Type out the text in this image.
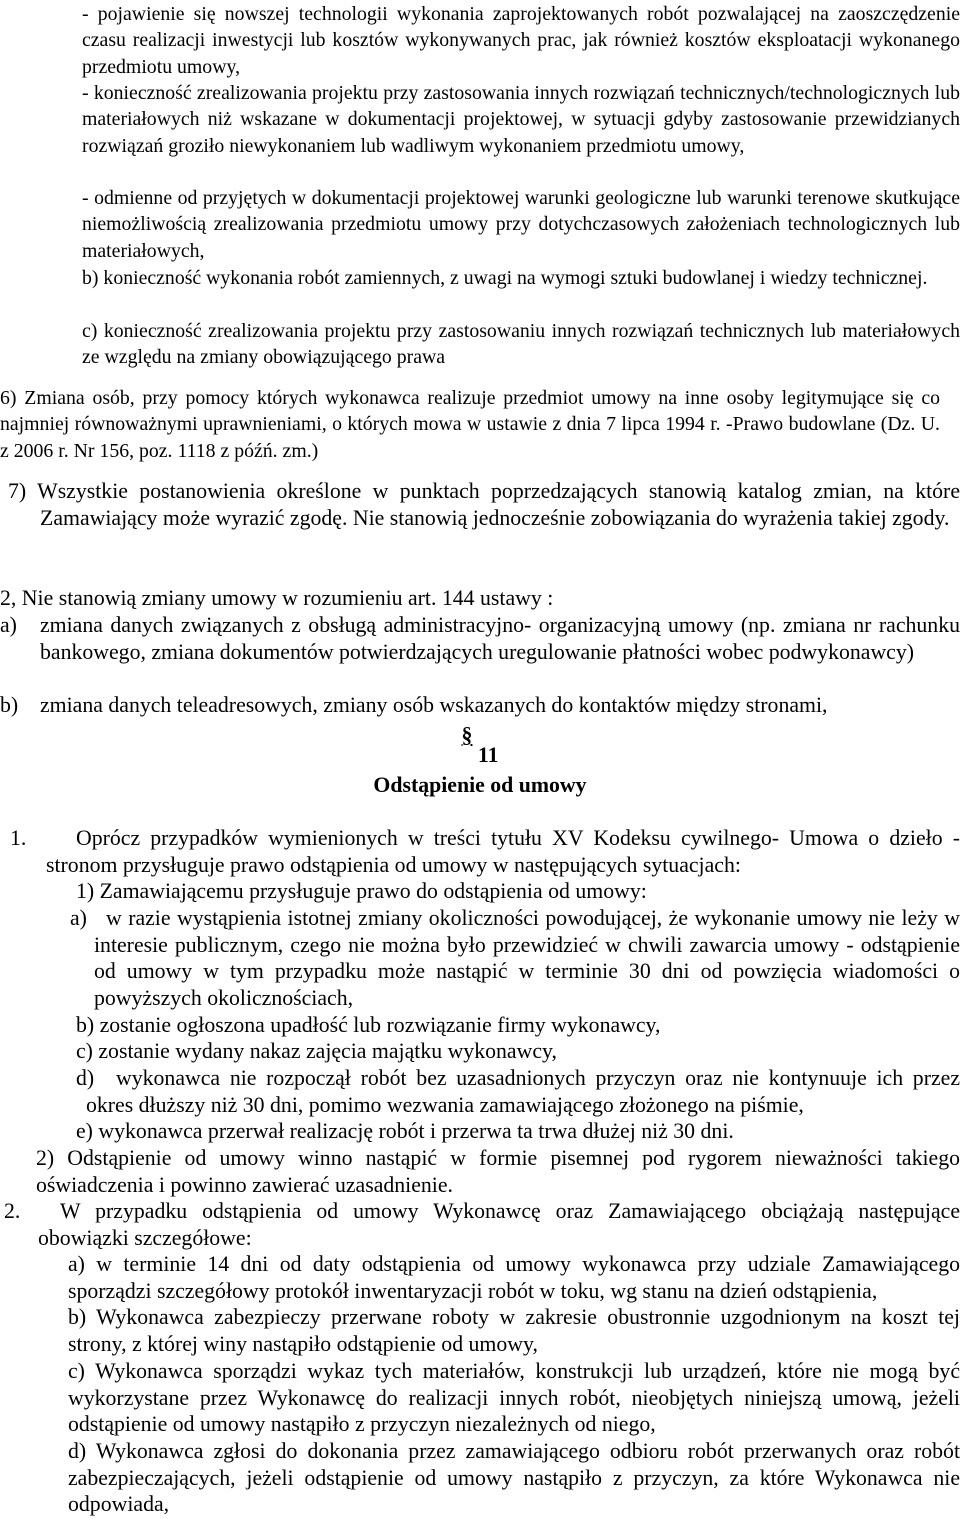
- pojawienie się nowszej technologii wykonania zaprojektowanych robót pozwalającej na zaoszczędzenie czasu realizacji inwestycji lub kosztów wykonywanych prac, jak również kosztów eksploatacji wykonanego przedmiotu umowy,

- konieczność zrealizowania projektu przy zastosowania innych rozwiązań technicznych/technologicznych lub materiałowych niż wskazane w dokumentacji projektowej, w sytuacji gdyby zastosowanie przewidzianych rozwiązań groziło niewykonaniem lub wadliwym wykonaniem przedmiotu umowy,

- odmienne od przyjętych w dokumentacji projektowej warunki geologiczne lub warunki terenowe skutkujące niemożliwością zrealizowania przedmiotu umowy przy dotychczasowych założeniach technologicznych lub materiałowych,

b) konieczność wykonania robót zamiennych, z uwagi na wymogi sztuki budowlanej i wiedzy technicznej.

c) konieczność zrealizowania projektu przy zastosowaniu innych rozwiązań technicznych lub materiałowych ze względu na zmiany obowiązującego prawa

6) Zmiana osób, przy pomocy których wykonawca realizuje przedmiot umowy na inne osoby legitymujące się co najmniej równoważnymi uprawnieniami, o których mowa w ustawie z dnia 7 lipca 1994 r. -Prawo budowlane (Dz. U. z 2006 r. Nr 156, poz. 1118 z późń. zm.)

7) Wszystkie postanowienia określone w punktach poprzedzających stanowią katalog zmian, na które Zamawiający może wyrazić zgodę. Nie stanowią jednocześnie zobowiązania do wyrażenia takiej zgody.

2, Nie stanowią zmiany umowy w rozumieniu art. 144 ustawy :

a) zmiana danych związanych z obsługą administracyjno- organizacyjną umowy (np. zmiana nr rachunku bankowego, zmiana dokumentów potwierdzających uregulowanie płatności wobec podwykonawcy)

b) zmiana danych teleadresowych, zmiany osób wskazanych do kontaktów między stronami,

§ 11
Odstąpienie od umowy
1.	Oprócz przypadków wymienionych w treści tytułu XV Kodeksu cywilnego- Umowa o dzieło - stronom przysługuje prawo odstąpienia od umowy w następujących sytuacjach:

1) Zamawiającemu przysługuje prawo do odstąpienia od umowy:

a) w razie wystąpienia istotnej zmiany okoliczności powodującej, że wykonanie umowy nie leży w interesie publicznym, czego nie można było przewidzieć w chwili zawarcia umowy - odstąpienie od umowy w tym przypadku może nastąpić w terminie 30 dni od powzięcia wiadomości o powyższych okolicznościach,

b) zostanie ogłoszona upadłość lub rozwiązanie firmy wykonawcy,

c) zostanie wydany nakaz zajęcia majątku wykonawcy,

d)	wykonawca nie rozpoczął robót bez uzasadnionych przyczyn oraz nie kontynuuje ich przez okres dłuższy niż 30 dni, pomimo wezwania zamawiającego złożonego na piśmie,

e) wykonawca przerwał realizację robót i przerwa ta trwa dłużej niż 30 dni.

2) Odstąpienie od umowy winno nastąpić w formie pisemnej pod rygorem nieważności takiego oświadczenia i powinno zawierać uzasadnienie.

2.	W przypadku odstąpienia od umowy Wykonawcę oraz Zamawiającego obciążają następujące obowiązki szczegółowe:

a) w terminie 14 dni od daty odstąpienia od umowy wykonawca przy udziale Zamawiającego sporządzi szczegółowy protokół inwentaryzacji robót w toku, wg stanu na dzień odstąpienia,

b) Wykonawca zabezpieczy przerwane roboty w zakresie obustronnie uzgodnionym na koszt tej strony, z której winy nastąpiło odstąpienie od umowy,

c) Wykonawca sporządzi wykaz tych materiałów, konstrukcji lub urządzeń, które nie mogą być wykorzystane przez Wykonawcę do realizacji innych robót, nieobjętych niniejszą umową, jeżeli odstąpienie od umowy nastąpiło z przyczyn niezależnych od niego,

d) Wykonawca zgłosi do dokonania przez zamawiającego odbioru robót przerwanych oraz robót zabezpieczających, jeżeli odstąpienie od umowy nastąpiło z przyczyn, za które Wykonawca nie odpowiada,
